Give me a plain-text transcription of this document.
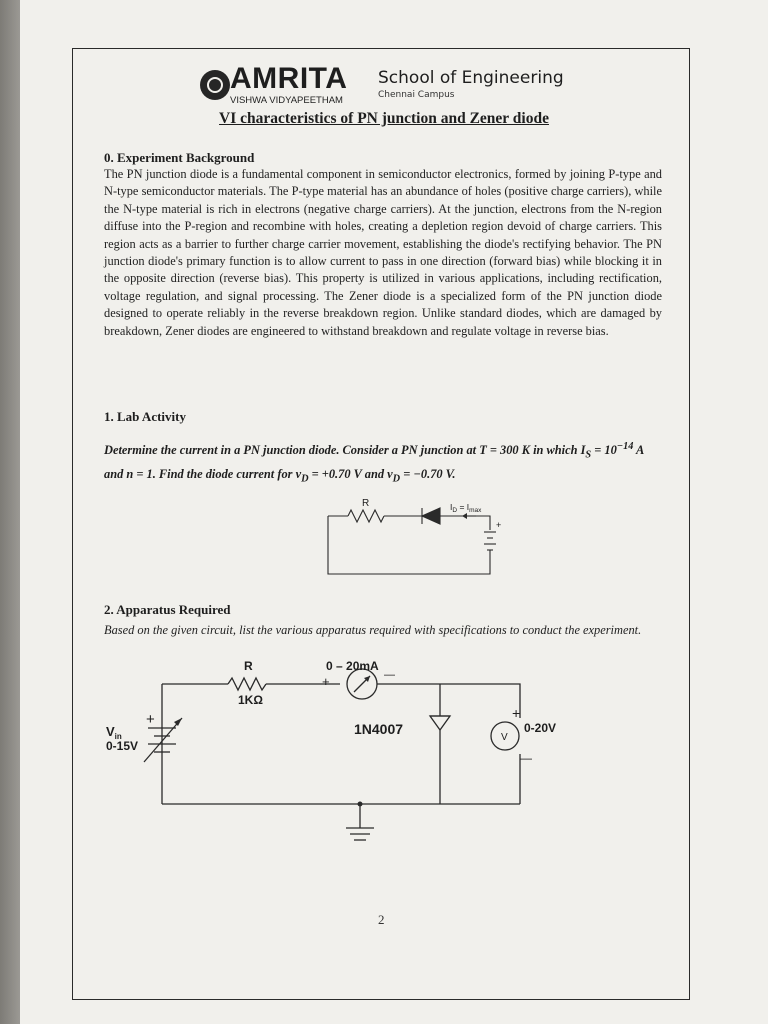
AMRITA
VISHWA VIDYAPEETHAM
School of Engineering
Chennai Campus
VI characteristics of PN junction and Zener diode
0. Experiment Background

The PN junction diode is a fundamental component in semiconductor electronics, formed by joining P-type and N-type semiconductor materials. The P-type material has an abundance of holes (positive charge carriers), while the N-type material is rich in electrons (negative charge carriers). At the junction, electrons from the N-region diffuse into the P-region and recombine with holes, creating a depletion region devoid of charge carriers. This region acts as a barrier to further charge carrier movement, establishing the diode's rectifying behavior. The PN junction diode's primary function is to allow current to pass in one direction (forward bias) while blocking it in the opposite direction (reverse bias). This property is utilized in various applications, including rectification, voltage regulation, and signal processing. The Zener diode is a specialized form of the PN junction diode designed to operate reliably in the reverse breakdown region. Unlike standard diodes, which are damaged by breakdown, Zener diodes are engineered to withstand breakdown and regulate voltage in reverse bias.

1. Lab Activity
Determine the current in a PN junction diode. Consider a PN junction at T = 300 K in which $I_S = 10^{-14}$ A and n = 1. Find the diode current for $v_D = +0.70$ V and $v_D = -0.70$ V.
R	$I_D = I_{max}$
+
2. Apparatus Required
Based on the given circuit, list the various apparatus required with specifications to conduct the experiment.
R
1KΩ
0 – 20mA
+	—
$V_{in}$
+
0-15V
1N4007
V
+
0-20V
—
2
